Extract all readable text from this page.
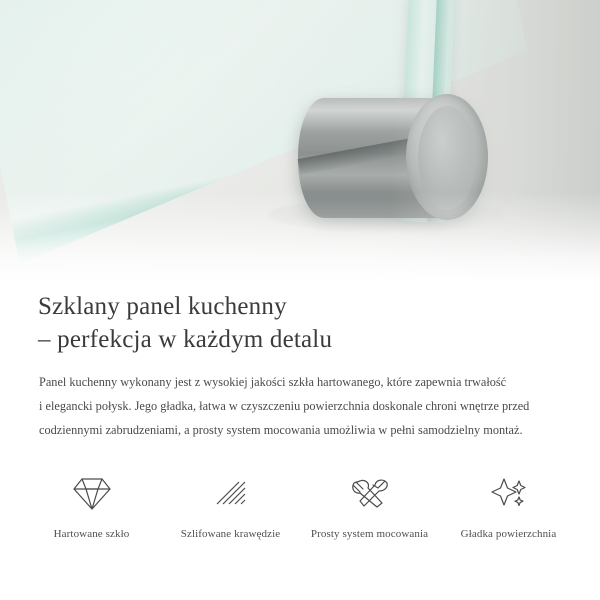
Szklany panel kuchenny
– perfekcja w każdym detalu

Panel kuchenny wykonany jest z wysokiej jakości szkła hartowanego, które zapewnia trwałość

i elegancki połysk. Jego gładka, łatwa w czyszczeniu powierzchnia doskonale chroni wnętrze przed

codziennymi zabrudzeniami, a prosty system mocowania umożliwia w pełni samodzielny montaż.

Hartowane szkło	Szlifowane krawędzie	Prosty system mocowania	Gładka powierzchnia
